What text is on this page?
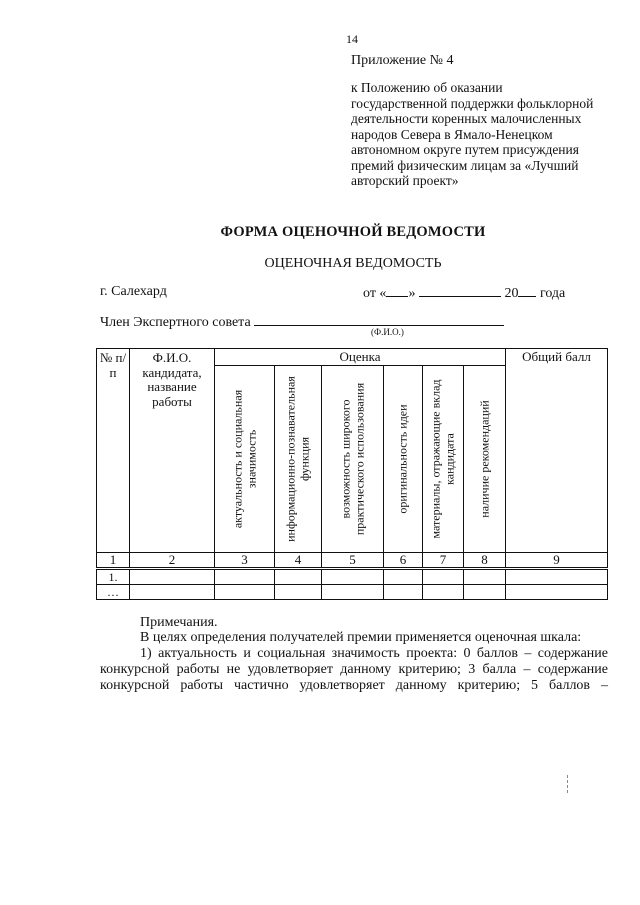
14
Приложение № 4
к Положению об оказании государственной поддержки фольклорной деятельности коренных малочисленных народов Севера в Ямало-Ненецком автономном округе путем присуждения премий физическим лицам за «Лучший авторский проект»
ФОРМА ОЦЕНОЧНОЙ ВЕДОМОСТИ
ОЦЕНОЧНАЯ ВЕДОМОСТЬ
г. Салехард	от « »	20 года
Член Экспертного совета
(Ф.И.О.)
№ п/п	Ф.И.О. кандидата, название работы	Оценка						Общий балл

		актуальность и социальная значимость	информационно-познавательная функция	возможность широкого практического использования	оригинальность идеи	материалы, отражающие вклад кандидата	наличие рекомендаций	

1	2	3	4	5	6	7	8	9
1.								
…								
Примечания.
В целях определения получателей премии применяется оценочная шкала:
1) актуальность и социальная значимость проекта: 0 баллов – содержание конкурсной работы не удовлетворяет данному критерию; 3 балла – содержание конкурсной работы частично удовлетворяет данному критерию; 5 баллов –
